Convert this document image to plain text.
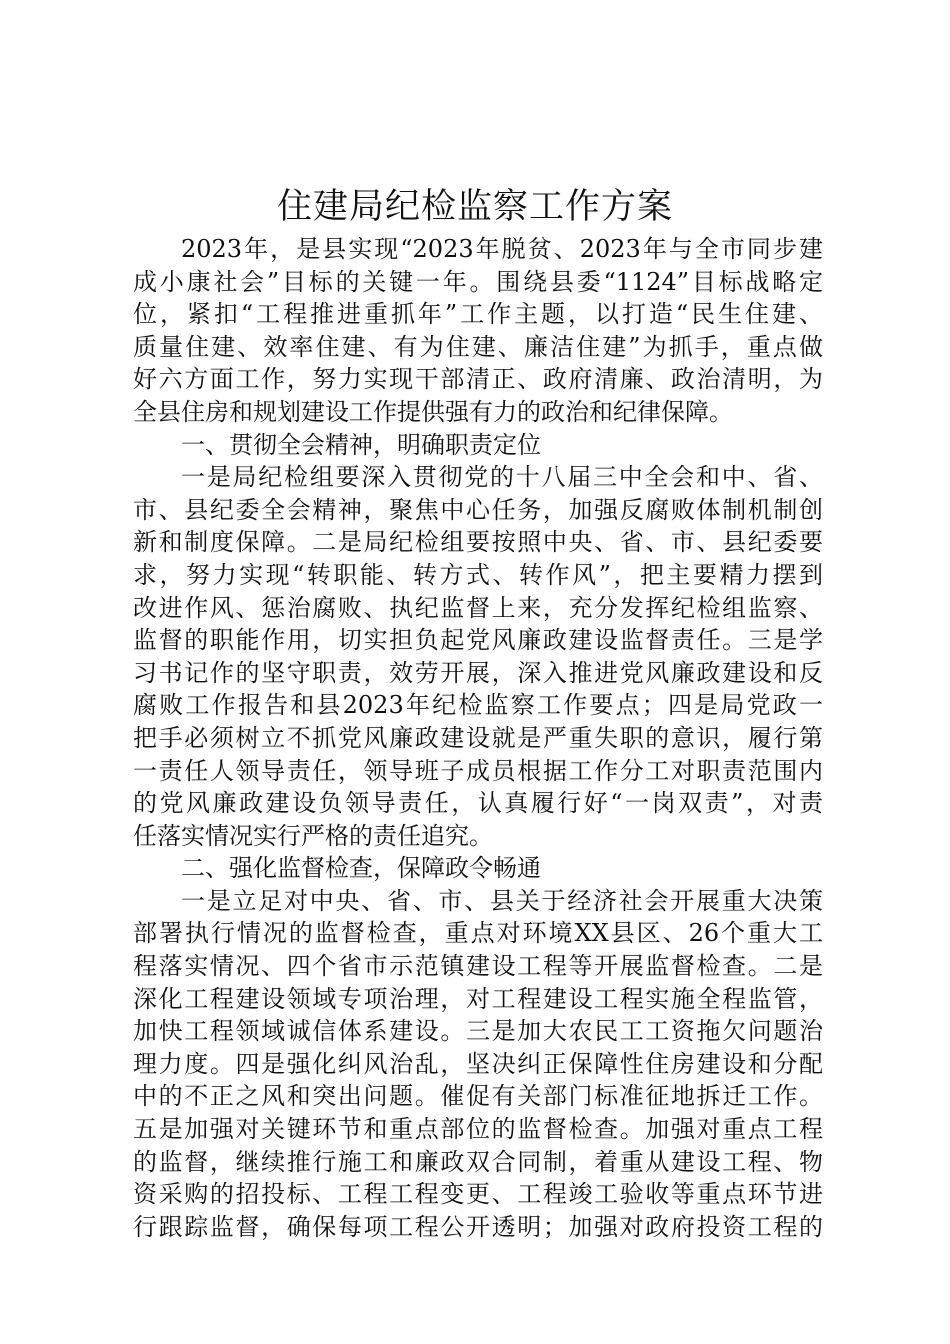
住建局纪检监察工作方案
2023年，是县实现“2023年脱贫、2023年与全市同步建
成小康社会”目标的关键一年。围绕县委“1124”目标战略定
位，紧扣“工程推进重抓年”工作主题，以打造“民生住建、
质量住建、效率住建、有为住建、廉洁住建”为抓手，重点做
好六方面工作，努力实现干部清正、政府清廉、政治清明，为
全县住房和规划建设工作提供强有力的政治和纪律保障。
一、贯彻全会精神，明确职责定位
一是局纪检组要深入贯彻党的十八届三中全会和中、省、
市、县纪委全会精神，聚焦中心任务，加强反腐败体制机制创
新和制度保障。二是局纪检组要按照中央、省、市、县纪委要
求，努力实现“转职能、转方式、转作风”，把主要精力摆到
改进作风、惩治腐败、执纪监督上来，充分发挥纪检组监察、
监督的职能作用，切实担负起党风廉政建设监督责任。三是学
习书记作的坚守职责，效劳开展，深入推进党风廉政建设和反
腐败工作报告和县2023年纪检监察工作要点；四是局党政一
把手必须树立不抓党风廉政建设就是严重失职的意识，履行第
一责任人领导责任，领导班子成员根据工作分工对职责范围内
的党风廉政建设负领导责任，认真履行好“一岗双责”，对责
任落实情况实行严格的责任追究。
二、强化监督检查，保障政令畅通
一是立足对中央、省、市、县关于经济社会开展重大决策
部署执行情况的监督检查，重点对环境XX县区、26个重大工
程落实情况、四个省市示范镇建设工程等开展监督检查。二是
深化工程建设领域专项治理，对工程建设工程实施全程监管，
加快工程领域诚信体系建设。三是加大农民工工资拖欠问题治
理力度。四是强化纠风治乱，坚决纠正保障性住房建设和分配
中的不正之风和突出问题。催促有关部门标准征地拆迁工作。
五是加强对关键环节和重点部位的监督检查。加强对重点工程
的监督，继续推行施工和廉政双合同制，着重从建设工程、物
资采购的招投标、工程工程变更、工程竣工验收等重点环节进
行跟踪监督，确保每项工程公开透明；加强对政府投资工程的
